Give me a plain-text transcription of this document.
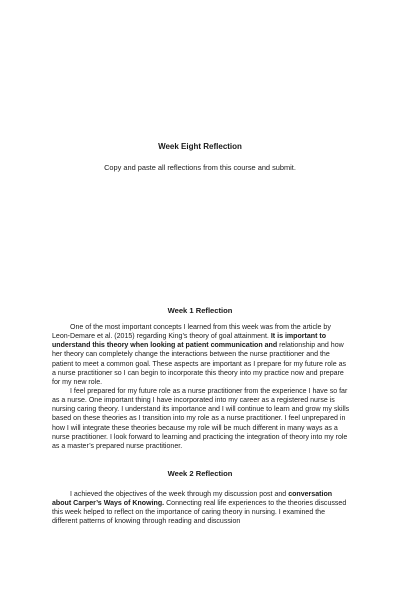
Week Eight Reflection
Copy and paste all reflections from this course and submit.
Week 1 Reflection
One of the most important concepts I learned from this week was from the article by Leon-Demare et al. (2015) regarding King’s theory of goal attainment. It is important to understand this theory when looking at patient communication and relationship and how her theory can completely change the interactions between the nurse practitioner and the patient to meet a common goal. These aspects are important as I prepare for my future role as a nurse practitioner so I can begin to incorporate this theory into my practice now and prepare for my new role.
I feel prepared for my future role as a nurse practitioner from the experience I have so far as a nurse. One important thing I have incorporated into my career as a registered nurse is nursing caring theory. I understand its importance and I will continue to learn and grow my skills based on these theories as I transition into my role as a nurse practitioner. I feel unprepared in how I will integrate these theories because my role will be much different in many ways as a nurse practitioner. I look forward to learning and practicing the integration of theory into my role as a master’s prepared nurse practitioner.
Week 2 Reflection
I achieved the objectives of the week through my discussion post and conversation about Carper’s Ways of Knowing. Connecting real life experiences to the theories discussed this week helped to reflect on the importance of caring theory in nursing. I examined the different patterns of knowing through reading and discussion
